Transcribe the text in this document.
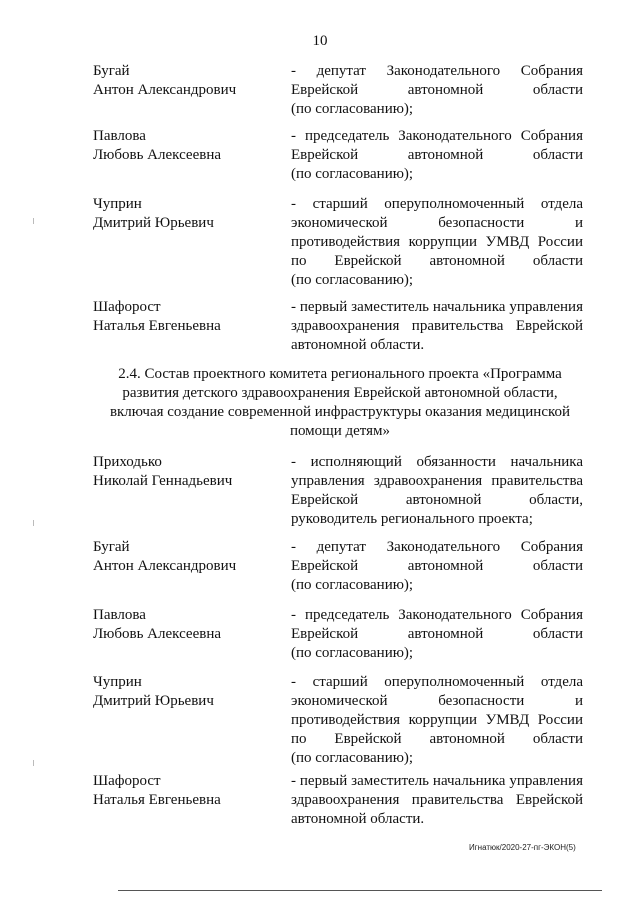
10
Бугай
Антон Александрович
- депутат Законодательного Собрания
Еврейской автономной области
(по согласованию);
Павлова
Любовь Алексеевна
- председатель Законодательного Собрания
Еврейской автономной области
(по согласованию);
Чуприн
Дмитрий Юрьевич
- старший оперуполномоченный отдела
экономической безопасности и
противодействия коррупции УМВД России
по Еврейской автономной области
(по согласованию);
Шафорост
Наталья Евгеньевна
- первый заместитель начальника управления
здравоохранения правительства Еврейской
автономной области.
2.4. Состав проектного комитета регионального проекта «Программа
развития детского здравоохранения Еврейской автономной области,
включая создание современной инфраструктуры оказания медицинской
помощи детям»
Приходько
Николай Геннадьевич
- исполняющий обязанности начальника
управления здравоохранения правительства
Еврейской автономной области,
руководитель регионального проекта;
Бугай
Антон Александрович
- депутат Законодательного Собрания
Еврейской автономной области
(по согласованию);
Павлова
Любовь Алексеевна
- председатель Законодательного Собрания
Еврейской автономной области
(по согласованию);
Чуприн
Дмитрий Юрьевич
- старший оперуполномоченный отдела
экономической безопасности и
противодействия коррупции УМВД России
по Еврейской автономной области
(по согласованию);
Шафорост
Наталья Евгеньевна
- первый заместитель начальника управления
здравоохранения правительства Еврейской
автономной области.
Игнатюк/2020-27-пг-ЭКОН(5)
